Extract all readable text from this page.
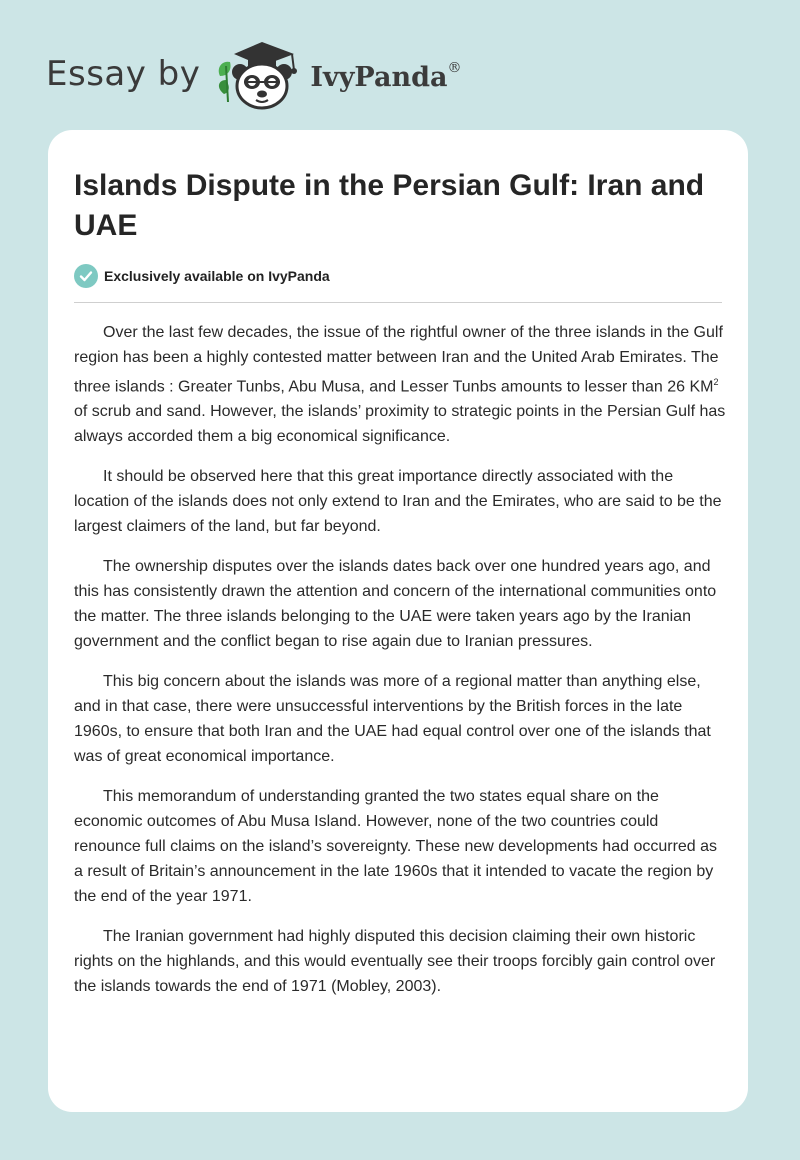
Essay by	IvyPanda®
Islands Dispute in the Persian Gulf: Iran and UAE
Exclusively available on IvyPanda

Over the last few decades, the issue of the rightful owner of the three islands in the Gulf region has been a highly contested matter between Iran and the United Arab Emirates. The three islands : Greater Tunbs, Abu Musa, and Lesser Tunbs amounts to lesser than 26 $KM^2$ of scrub and sand. However, the islands’ proximity to strategic points in the Persian Gulf has always accorded them a big economical significance.

It should be observed here that this great importance directly associated with the location of the islands does not only extend to Iran and the Emirates, who are said to be the largest claimers of the land, but far beyond.

The ownership disputes over the islands dates back over one hundred years ago, and this has consistently drawn the attention and concern of the international communities onto the matter. The three islands belonging to the UAE were taken years ago by the Iranian government and the conflict began to rise again due to Iranian pressures.

This big concern about the islands was more of a regional matter than anything else, and in that case, there were unsuccessful interventions by the British forces in the late 1960s, to ensure that both Iran and the UAE had equal control over one of the islands that was of great economical importance.

This memorandum of understanding granted the two states equal share on the economic outcomes of Abu Musa Island. However, none of the two countries could renounce full claims on the island’s sovereignty. These new developments had occurred as a result of Britain’s announcement in the late 1960s that it intended to vacate the region by the end of the year 1971.

The Iranian government had highly disputed this decision claiming their own historic rights on the highlands, and this would eventually see their troops forcibly gain control over the islands towards the end of 1971 (Mobley, 2003).
